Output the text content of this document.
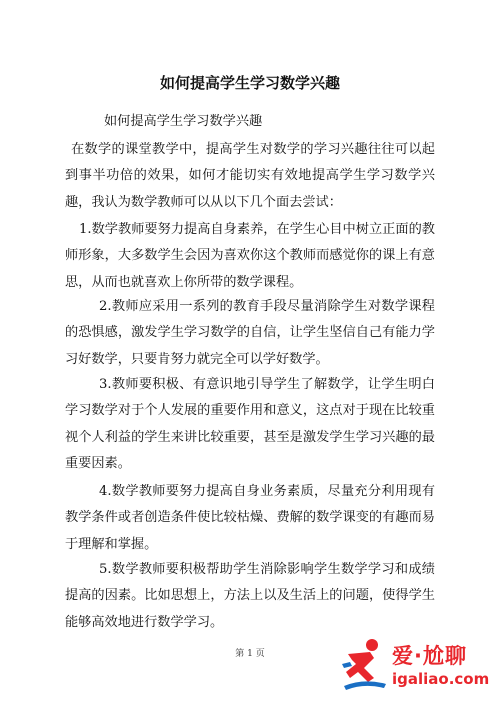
如何提高学生学习数学兴趣
如何提高学生学习数学兴趣

在数学的课堂教学中，提高学生对数学的学习兴趣往往可以起到事半功倍的效果，如何才能切实有效地提高学生学习数学兴趣，我认为数学教师可以从以下几个面去尝试：

1.数学教师要努力提高自身素养，在学生心目中树立正面的教师形象，大多数学生会因为喜欢你这个教师而感觉你的课上有意思，从而也就喜欢上你所带的数学课程。

2.教师应采用一系列的教育手段尽量消除学生对数学课程的恐惧感，激发学生学习数学的自信，让学生坚信自己有能力学习好数学，只要肯努力就完全可以学好数学。

3.教师要积极、有意识地引导学生了解数学，让学生明白学习数学对于个人发展的重要作用和意义，这点对于现在比较重视个人利益的学生来讲比较重要，甚至是激发学生学习兴趣的最重要因素。

4.数学教师要努力提高自身业务素质，尽量充分利用现有教学条件或者创造条件使比较枯燥、费解的数学课变的有趣而易于理解和掌握。

5.数学教师要积极帮助学生消除影响学生数学学习和成绩提高的因素。比如思想上，方法上以及生活上的问题，使得学生能够高效地进行数学学习。

第 1 页	爱·尬聊
igaliao.com
